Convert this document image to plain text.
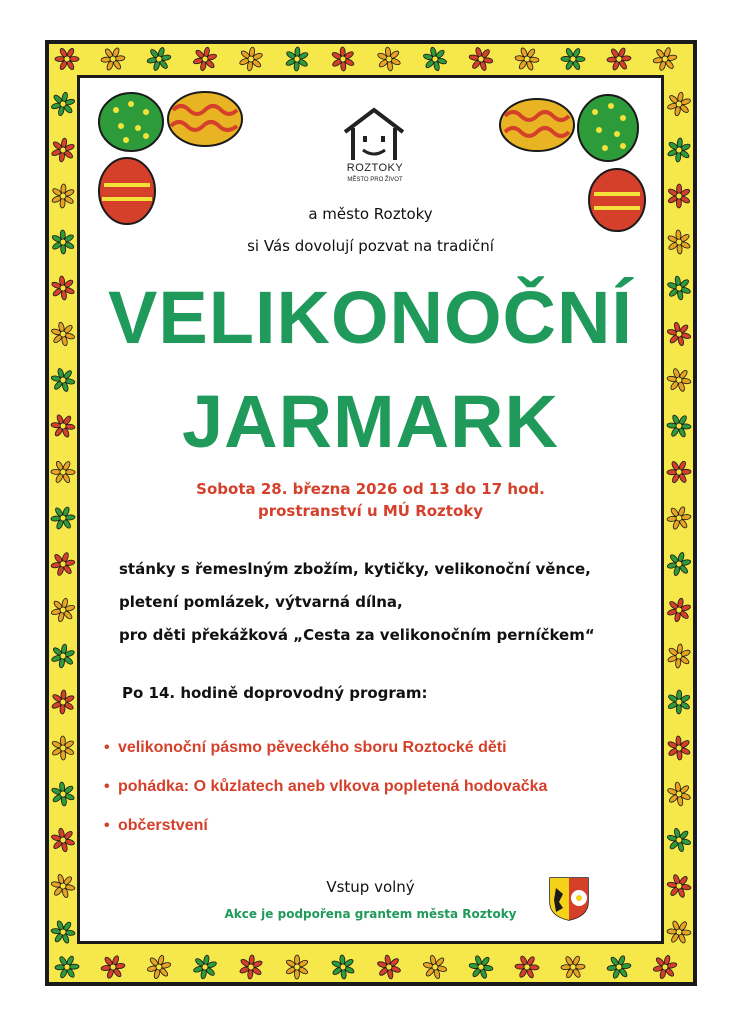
ROZTOKY
MĚSTO PRO ŽIVOT
a město Roztoky
si Vás dovolují pozvat na tradiční
VELIKONOČNÍ
JARMARK
Sobota 28. března 2026 od 13 do 17 hod.
prostranství u MÚ Roztoky
stánky s řemeslným zbožím, kytičky, velikonoční věnce,
pletení pomlázek, výtvarná dílna,
pro děti překážková „Cesta za velikonočním perníčkem“
Po 14. hodině doprovodný program:
• velikonoční pásmo pěveckého sboru Roztocké děti
• pohádka: O kůzlatech aneb vlkova popletená hodovačka
• občerstvení
Vstup volný
Akce je podpořena grantem města Roztoky
